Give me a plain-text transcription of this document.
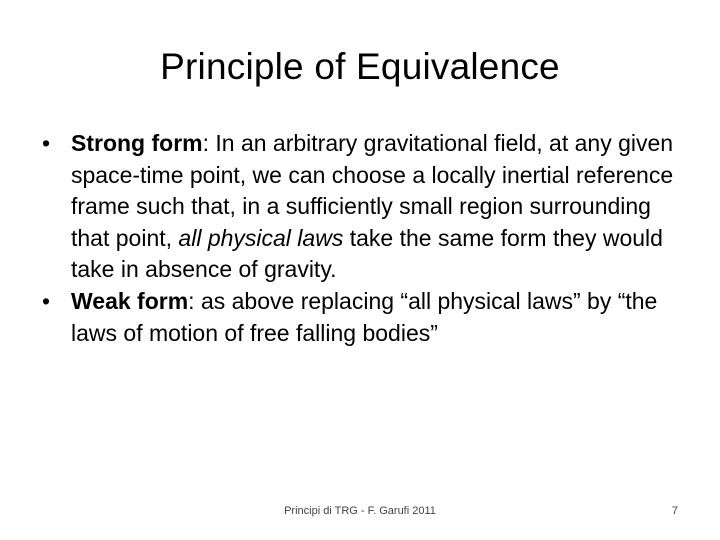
Principle of Equivalence

• Strong form: In an arbitrary gravitational field, at any given space-time point, we can choose a locally inertial reference frame such that, in a sufficiently small region surrounding that point, all physical laws take the same form they would take in absence of gravity.

• Weak form: as above replacing “all physical laws” by “the laws of motion of free falling bodies”

Principi di TRG - F. Garufi 2011	7
